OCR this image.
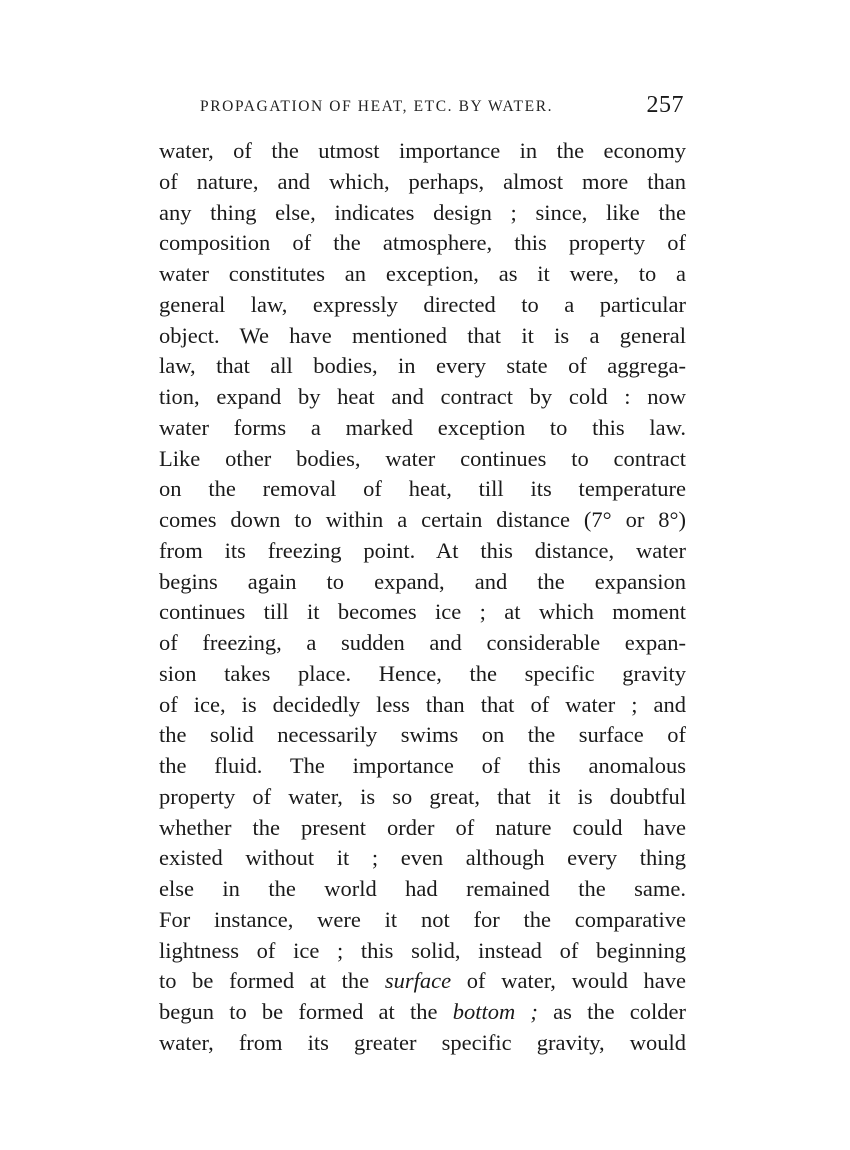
PROPAGATION OF HEAT, ETC. BY WATER.	257
water, of the utmost importance in the economy
of nature, and which, perhaps, almost more than
any thing else, indicates design ; since, like the
composition of the atmosphere, this property of
water constitutes an exception, as it were, to a
general law, expressly directed to a particular
object. We have mentioned that it is a general
law, that all bodies, in every state of aggrega-
tion, expand by heat and contract by cold : now
water forms a marked exception to this law.
Like other bodies, water continues to contract
on the removal of heat, till its temperature
comes down to within a certain distance (7° or 8°)
from its freezing point. At this distance, water
begins again to expand, and the expansion
continues till it becomes ice ; at which moment
of freezing, a sudden and considerable expan-
sion takes place. Hence, the specific gravity
of ice, is decidedly less than that of water ; and
the solid necessarily swims on the surface of
the fluid. The importance of this anomalous
property of water, is so great, that it is doubtful
whether the present order of nature could have
existed without it ; even although every thing
else in the world had remained the same.
For instance, were it not for the comparative
lightness of ice ; this solid, instead of beginning
to be formed at the surface of water, would have
begun to be formed at the bottom ; as the colder
water, from its greater specific gravity, would
